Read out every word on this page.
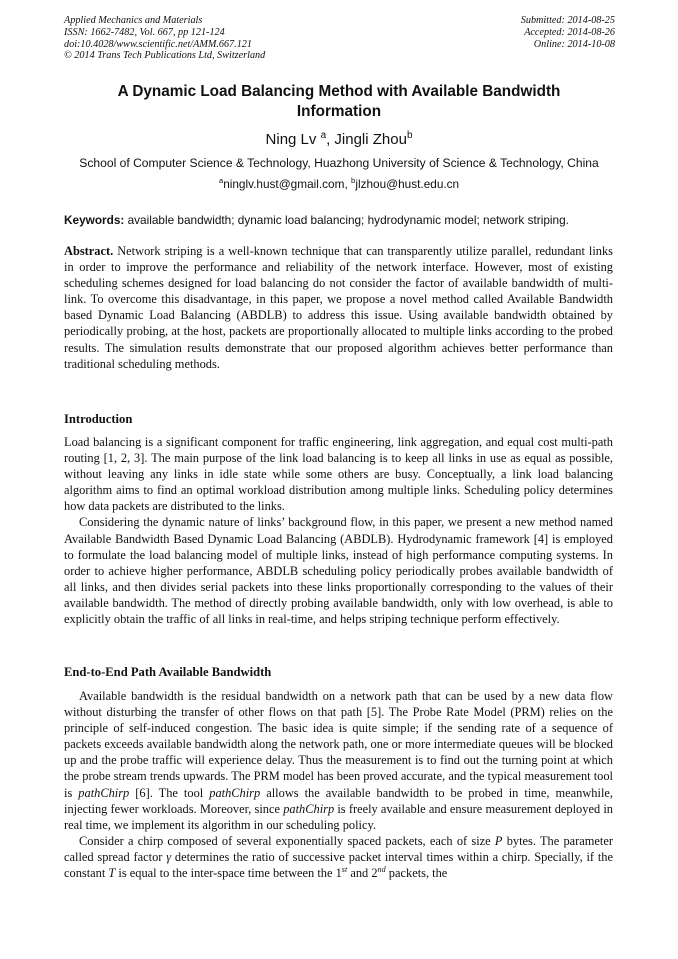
Applied Mechanics and Materials
ISSN: 1662-7482, Vol. 667, pp 121-124
doi:10.4028/www.scientific.net/AMM.667.121
© 2014 Trans Tech Publications Ltd, Switzerland
Submitted: 2014-08-25
Accepted: 2014-08-26
Online: 2014-10-08
A Dynamic Load Balancing Method with Available Bandwidth
Information
Ning Lv $^a$, Jingli Zhou$^b$
School of Computer Science & Technology, Huazhong University of Science & Technology, China
$^a$ninglv.hust@gmail.com, $^b$jlzhou@hust.edu.cn
Keywords: available bandwidth; dynamic load balancing; hydrodynamic model; network striping.

Abstract. Network striping is a well-known technique that can transparently utilize parallel, redundant links in order to improve the performance and reliability of the network interface. However, most of existing scheduling schemes designed for load balancing do not consider the factor of available bandwidth of multi-link. To overcome this disadvantage, in this paper, we propose a novel method called Available Bandwidth based Dynamic Load Balancing (ABDLB) to address this issue. Using available bandwidth obtained by periodically probing, at the host, packets are proportionally allocated to multiple links according to the probed results. The simulation results demonstrate that our proposed algorithm achieves better performance than traditional scheduling methods.

Introduction

Load balancing is a significant component for traffic engineering, link aggregation, and equal cost multi-path routing [1, 2, 3]. The main purpose of the link load balancing is to keep all links in use as equal as possible, without leaving any links in idle state while some others are busy. Conceptually, a link load balancing algorithm aims to find an optimal workload distribution among multiple links. Scheduling policy determines how data packets are distributed to the links.

Considering the dynamic nature of links’ background flow, in this paper, we present a new method named Available Bandwidth Based Dynamic Load Balancing (ABDLB). Hydrodynamic framework [4] is employed to formulate the load balancing model of multiple links, instead of high performance computing systems. In order to achieve higher performance, ABDLB scheduling policy periodically probes available bandwidth of all links, and then divides serial packets into these links proportionally corresponding to the values of their available bandwidth. The method of directly probing available bandwidth, only with low overhead, is able to explicitly obtain the traffic of all links in real-time, and helps striping technique perform effectively.

End-to-End Path Available Bandwidth

Available bandwidth is the residual bandwidth on a network path that can be used by a new data flow without disturbing the transfer of other flows on that path [5]. The Probe Rate Model (PRM) relies on the principle of self-induced congestion. The basic idea is quite simple; if the sending rate of a sequence of packets exceeds available bandwidth along the network path, one or more intermediate queues will be blocked up and the probe traffic will experience delay. Thus the measurement is to find out the turning point at which the probe stream trends upwards. The PRM model has been proved accurate, and the typical measurement tool is pathChirp [6]. The tool pathChirp allows the available bandwidth to be probed in time, meanwhile, injecting fewer workloads. Moreover, since pathChirp is freely available and ensure measurement deployed in real time, we implement its algorithm in our scheduling policy.

Consider a chirp composed of several exponentially spaced packets, each of size P bytes. The parameter called spread factor γ determines the ratio of successive packet interval times within a chirp. Specially, if the constant T is equal to the inter-space time between the 1st and 2nd packets, the
